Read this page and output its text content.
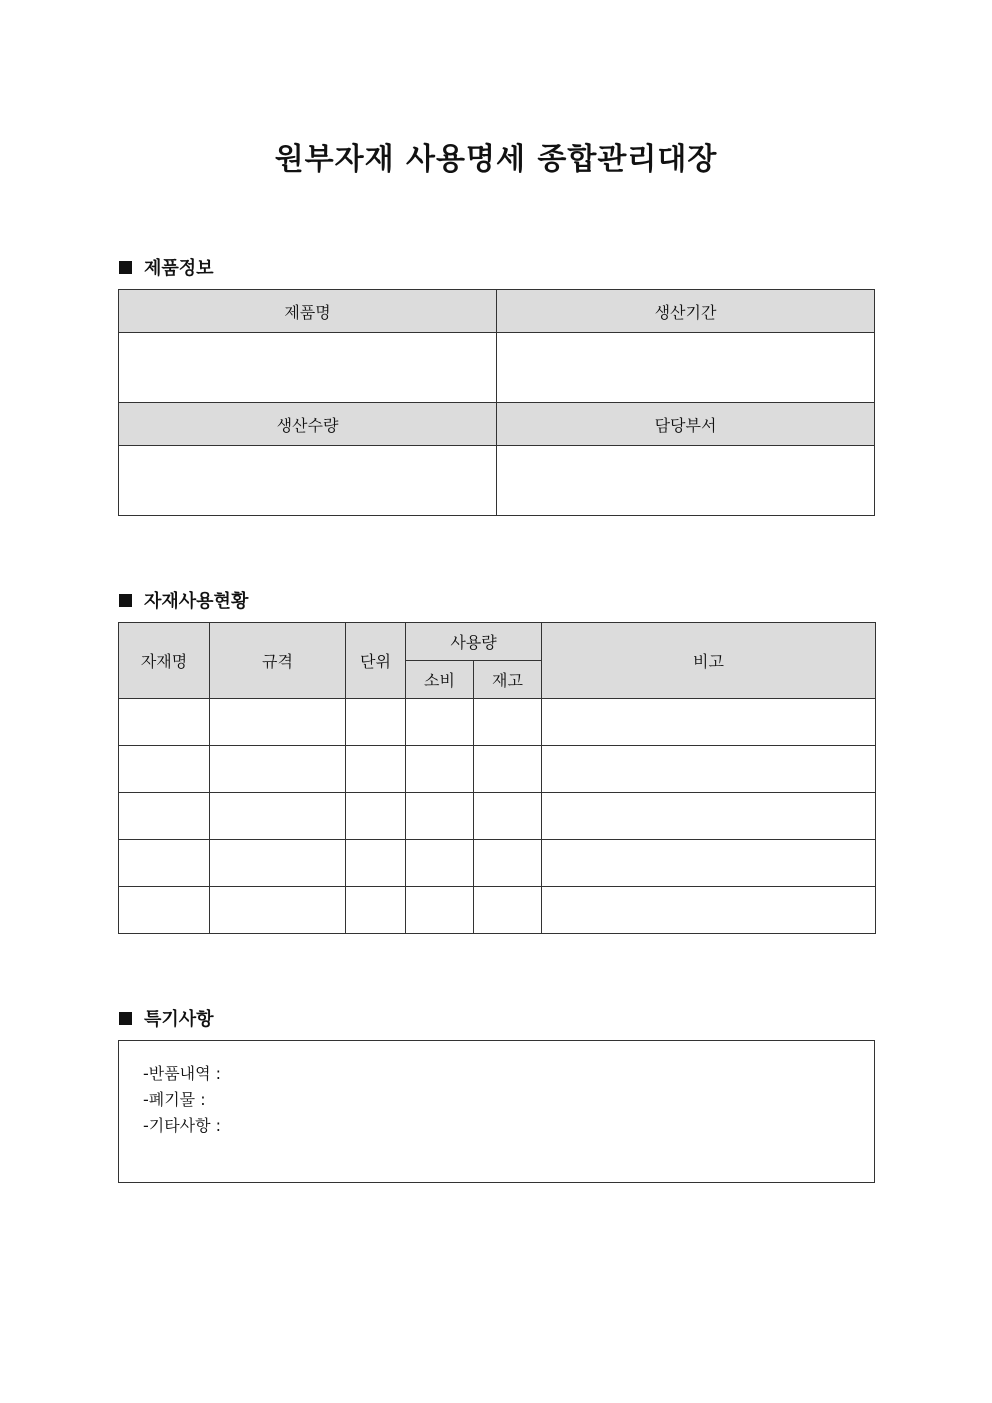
원부자재 사용명세 종합관리대장
제품정보
제품명	생산기간

생산수량	담당부서

자재사용현황
자재명	규격	단위	사용량		비고
			소비	재고	

특기사항
-반품내역 :
-폐기물 :
-기타사항 :
